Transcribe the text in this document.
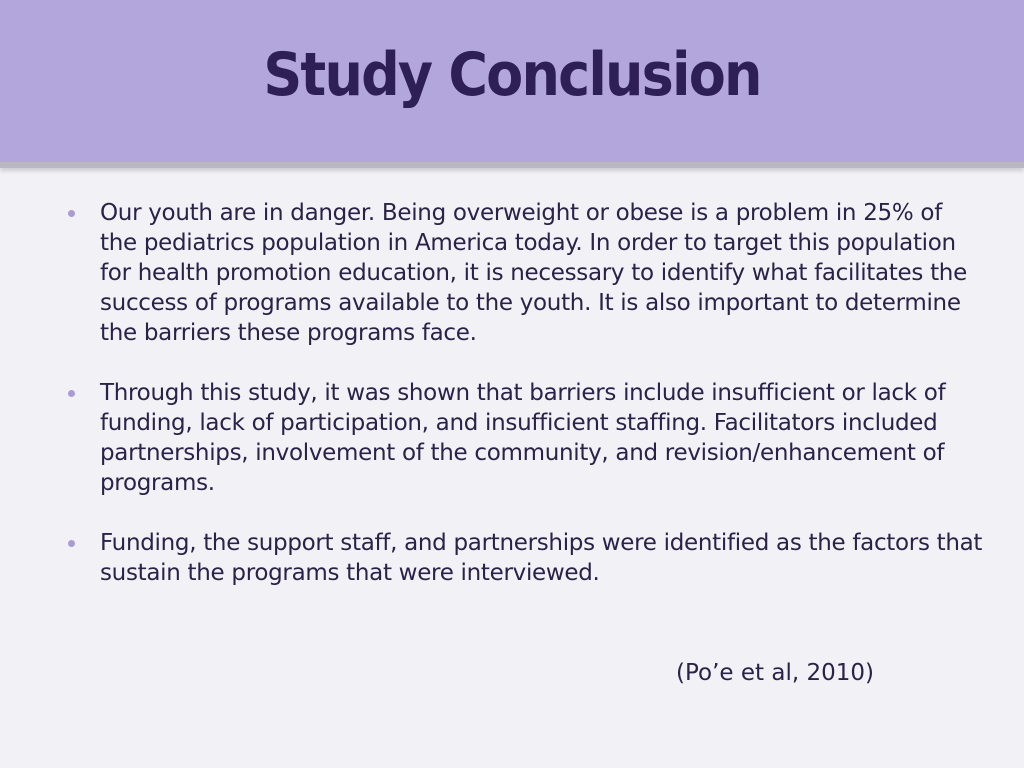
Study Conclusion
Our youth are in danger. Being overweight or obese is a problem in 25% of the pediatrics population in America today. In order to target this population for health promotion education, it is necessary to identify what facilitates the success of programs available to the youth. It is also important to determine the barriers these programs face.
Through this study, it was shown that barriers include insufficient or lack of funding, lack of participation, and insufficient staffing. Facilitators included partnerships, involvement of the community, and revision/enhancement of programs.
Funding, the support staff, and partnerships were identified as the factors that sustain the programs that were interviewed.
(Po’e et al, 2010)
